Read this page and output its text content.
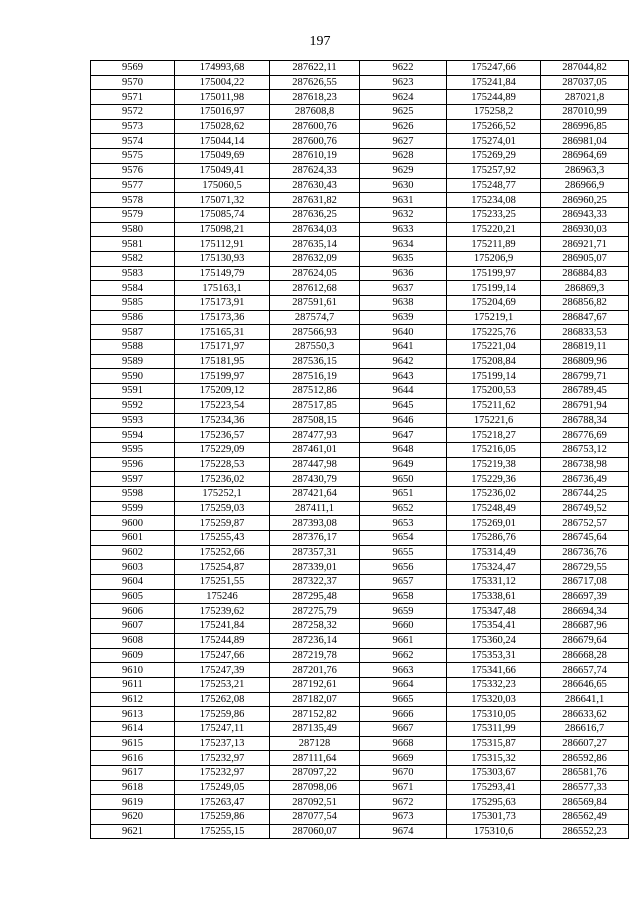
197
9569	174993,68	287622,11	9622	175247,66	287044,82
9570	175004,22	287626,55	9623	175241,84	287037,05
9571	175011,98	287618,23	9624	175244,89	287021,8
9572	175016,97	287608,8	9625	175258,2	287010,99
9573	175028,62	287600,76	9626	175266,52	286996,85
9574	175044,14	287600,76	9627	175274,01	286981,04
9575	175049,69	287610,19	9628	175269,29	286964,69
9576	175049,41	287624,33	9629	175257,92	286963,3
9577	175060,5	287630,43	9630	175248,77	286966,9
9578	175071,32	287631,82	9631	175234,08	286960,25
9579	175085,74	287636,25	9632	175233,25	286943,33
9580	175098,21	287634,03	9633	175220,21	286930,03
9581	175112,91	287635,14	9634	175211,89	286921,71
9582	175130,93	287632,09	9635	175206,9	286905,07
9583	175149,79	287624,05	9636	175199,97	286884,83
9584	175163,1	287612,68	9637	175199,14	286869,3
9585	175173,91	287591,61	9638	175204,69	286856,82
9586	175173,36	287574,7	9639	175219,1	286847,67
9587	175165,31	287566,93	9640	175225,76	286833,53
9588	175171,97	287550,3	9641	175221,04	286819,11
9589	175181,95	287536,15	9642	175208,84	286809,96
9590	175199,97	287516,19	9643	175199,14	286799,71
9591	175209,12	287512,86	9644	175200,53	286789,45
9592	175223,54	287517,85	9645	175211,62	286791,94
9593	175234,36	287508,15	9646	175221,6	286788,34
9594	175236,57	287477,93	9647	175218,27	286776,69
9595	175229,09	287461,01	9648	175216,05	286753,12
9596	175228,53	287447,98	9649	175219,38	286738,98
9597	175236,02	287430,79	9650	175229,36	286736,49
9598	175252,1	287421,64	9651	175236,02	286744,25
9599	175259,03	287411,1	9652	175248,49	286749,52
9600	175259,87	287393,08	9653	175269,01	286752,57
9601	175255,43	287376,17	9654	175286,76	286745,64
9602	175252,66	287357,31	9655	175314,49	286736,76
9603	175254,87	287339,01	9656	175324,47	286729,55
9604	175251,55	287322,37	9657	175331,12	286717,08
9605	175246	287295,48	9658	175338,61	286697,39
9606	175239,62	287275,79	9659	175347,48	286694,34
9607	175241,84	287258,32	9660	175354,41	286687,96
9608	175244,89	287236,14	9661	175360,24	286679,64
9609	175247,66	287219,78	9662	175353,31	286668,28
9610	175247,39	287201,76	9663	175341,66	286657,74
9611	175253,21	287192,61	9664	175332,23	286646,65
9612	175262,08	287182,07	9665	175320,03	286641,1
9613	175259,86	287152,82	9666	175310,05	286633,62
9614	175247,11	287135,49	9667	175311,99	286616,7
9615	175237,13	287128	9668	175315,87	286607,27
9616	175232,97	287111,64	9669	175315,32	286592,86
9617	175232,97	287097,22	9670	175303,67	286581,76
9618	175249,05	287098,06	9671	175293,41	286577,33
9619	175263,47	287092,51	9672	175295,63	286569,84
9620	175259,86	287077,54	9673	175301,73	286562,49
9621	175255,15	287060,07	9674	175310,6	286552,23
